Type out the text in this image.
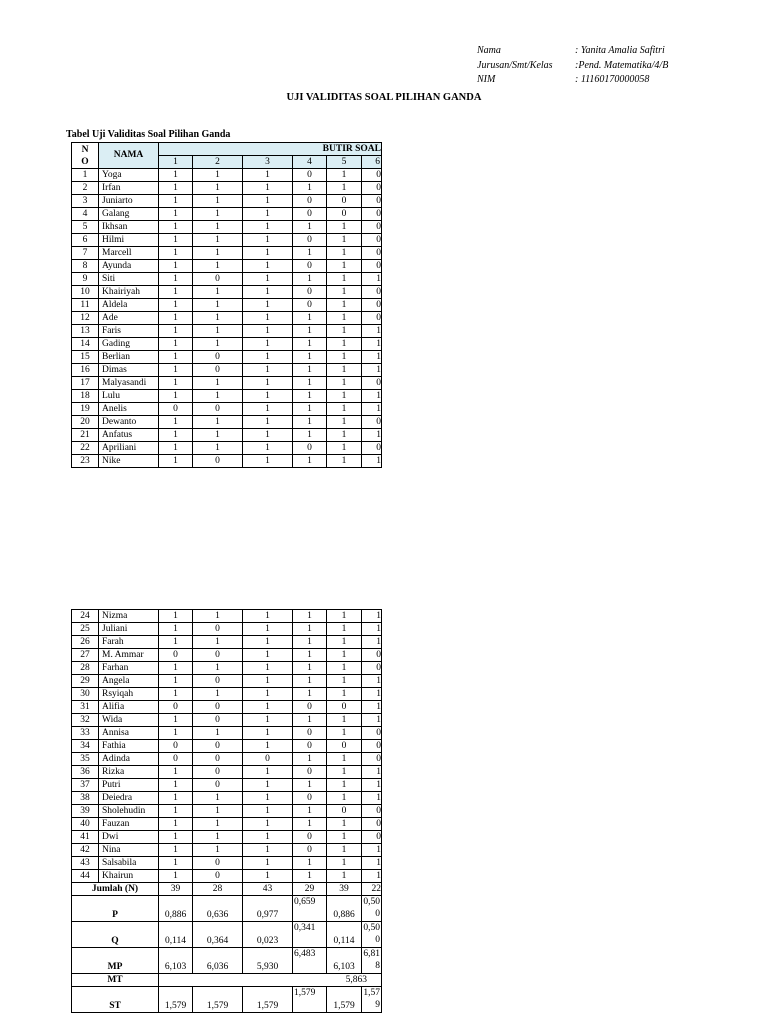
Nama	: Yanita Amalia Safitri
Jurusan/Smt/Kelas	:Pend. Matematika/4/B
NIM	: 11160170000058
UJI VALIDITAS SOAL PILIHAN GANDA
Tabel Uji Validitas Soal Pilihan Ganda
N
O	NAMA	BUTIR SOAL					
		1	2	3	4	5	6
1	Yoga	1	1	1	0	1	0
2	Irfan	1	1	1	1	1	0
3	Juniarto	1	1	1	0	0	0
4	Galang	1	1	1	0	0	0
5	Ikhsan	1	1	1	1	1	0
6	Hilmi	1	1	1	0	1	0
7	Marcell	1	1	1	1	1	0
8	Ayunda	1	1	1	0	1	0
9	Siti	1	0	1	1	1	1
10	Khairiyah	1	1	1	0	1	0
11	Aldela	1	1	1	0	1	0
12	Ade	1	1	1	1	1	0
13	Faris	1	1	1	1	1	1
14	Gading	1	1	1	1	1	1
15	Berlian	1	0	1	1	1	1
16	Dimas	1	0	1	1	1	1
17	Malyasandi	1	1	1	1	1	0
18	Lulu	1	1	1	1	1	1
19	Anelis	0	0	1	1	1	1
20	Dewanto	1	1	1	1	1	0
21	Anfatus	1	1	1	1	1	1
22	Apriliani	1	1	1	0	1	0
23	Nike	1	0	1	1	1	1
24	Nizma	1	1	1	1	1	1
25	Juliani	1	0	1	1	1	1
26	Farah	1	1	1	1	1	1
27	M. Ammar	0	0	1	1	1	0
28	Farhan	1	1	1	1	1	0
29	Angela	1	0	1	1	1	1
30	Rsyiqah	1	1	1	1	1	1
31	Alifia	0	0	1	0	0	1
32	Wida	1	0	1	1	1	1
33	Annisa	1	1	1	0	1	0
34	Fathia	0	0	1	0	0	0
35	Adinda	0	0	0	1	1	0
36	Rizka	1	0	1	0	1	1
37	Putri	1	0	1	1	1	1
38	Deiedra	1	1	1	0	1	1
39	Sholehudin	1	1	1	1	0	0
40	Fauzan	1	1	1	1	1	0
41	Dwi	1	1	1	0	1	0
42	Nina	1	1	1	0	1	1
43	Salsabila	1	0	1	1	1	1
44	Khairun	1	0	1	1	1	1
Jumlah (N)		39	28	43	29	39	22
P		0,886	0,636	0,977	0,659	0,886	0,500
Q		0,114	0,364	0,023	0,341	0,114	0,500
MP		6,103	6,036	5,930	6,483	6,103	6,818
MT		5,863					
ST		1,579	1,579	1,579	1,579	1,579	1,579
